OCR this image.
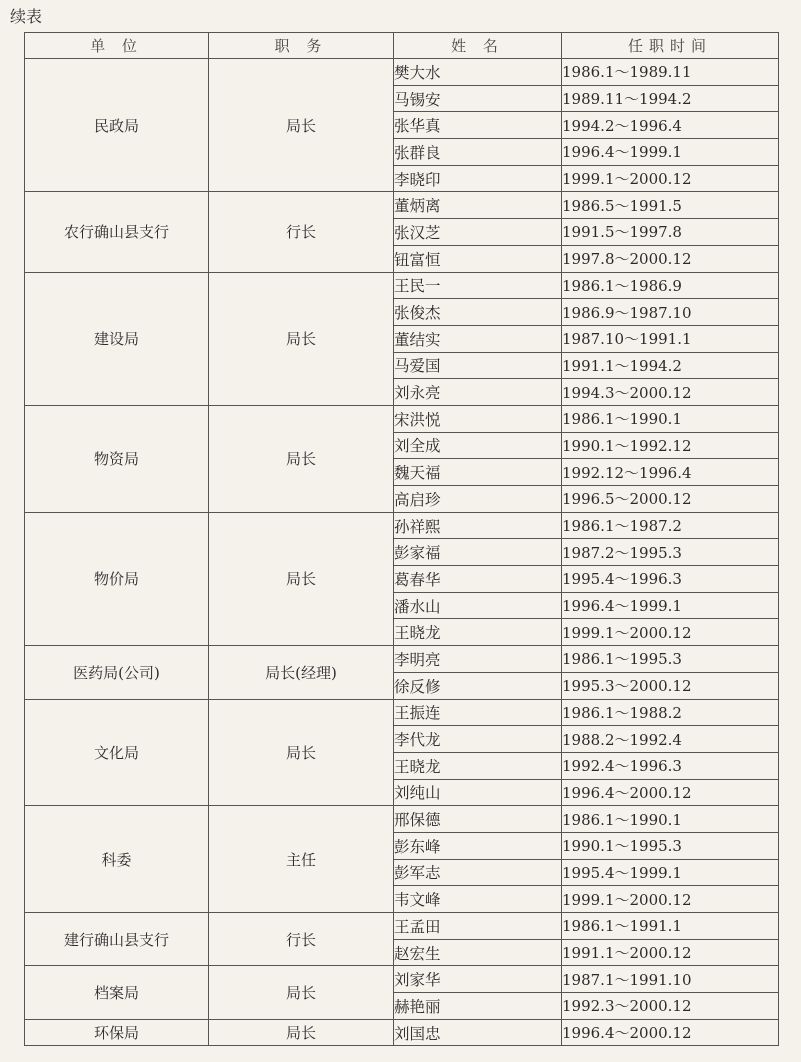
续表
单 位	职 务	姓 名	任职时间
民政局	局长	樊大水	1986.1～1989.11
		马锡安	1989.11～1994.2
		张华真	1994.2～1996.4
		张群良	1996.4～1999.1
		李晓印	1999.1～2000.12
农行确山县支行	行长	董炳离	1986.5～1991.5
		张汉芝	1991.5～1997.8
		钮富恒	1997.8～2000.12
建设局	局长	王民一	1986.1～1986.9
		张俊杰	1986.9～1987.10
		董结实	1987.10～1991.1
		马爱国	1991.1～1994.2
		刘永亮	1994.3～2000.12
物资局	局长	宋洪悦	1986.1～1990.1
		刘全成	1990.1～1992.12
		魏天福	1992.12～1996.4
		高启珍	1996.5～2000.12
物价局	局长	孙祥熙	1986.1～1987.2
		彭家福	1987.2～1995.3
		葛春华	1995.4～1996.3
		潘水山	1996.4～1999.1
		王晓龙	1999.1～2000.12
医药局(公司)	局长(经理)	李明亮	1986.1～1995.3
		徐反修	1995.3～2000.12
文化局	局长	王振连	1986.1～1988.2
		李代龙	1988.2～1992.4
		王晓龙	1992.4～1996.3
		刘纯山	1996.4～2000.12
科委	主任	邢保德	1986.1～1990.1
		彭东峰	1990.1～1995.3
		彭军志	1995.4～1999.1
		韦文峰	1999.1～2000.12
建行确山县支行	行长	王孟田	1986.1～1991.1
		赵宏生	1991.1～2000.12
档案局	局长	刘家华	1987.1～1991.10
		赫艳丽	1992.3～2000.12
环保局	局长	刘国忠	1996.4～2000.12
